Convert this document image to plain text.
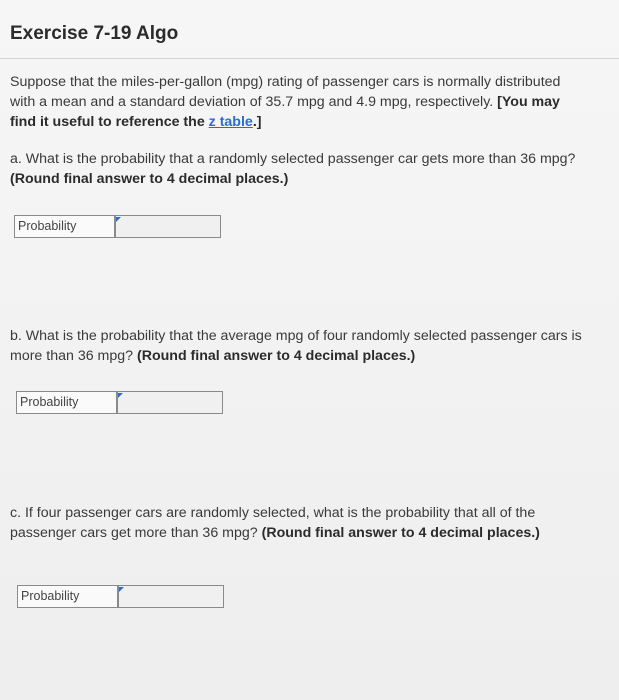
Exercise 7-19 Algo
Suppose that the miles-per-gallon (mpg) rating of passenger cars is normally distributed with a mean and a standard deviation of 35.7 mpg and 4.9 mpg, respectively. [You may find it useful to reference the z table.]
a. What is the probability that a randomly selected passenger car gets more than 36 mpg? (Round final answer to 4 decimal places.)
Probability
b. What is the probability that the average mpg of four randomly selected passenger cars is more than 36 mpg? (Round final answer to 4 decimal places.)
Probability
c. If four passenger cars are randomly selected, what is the probability that all of the passenger cars get more than 36 mpg? (Round final answer to 4 decimal places.)
Probability
